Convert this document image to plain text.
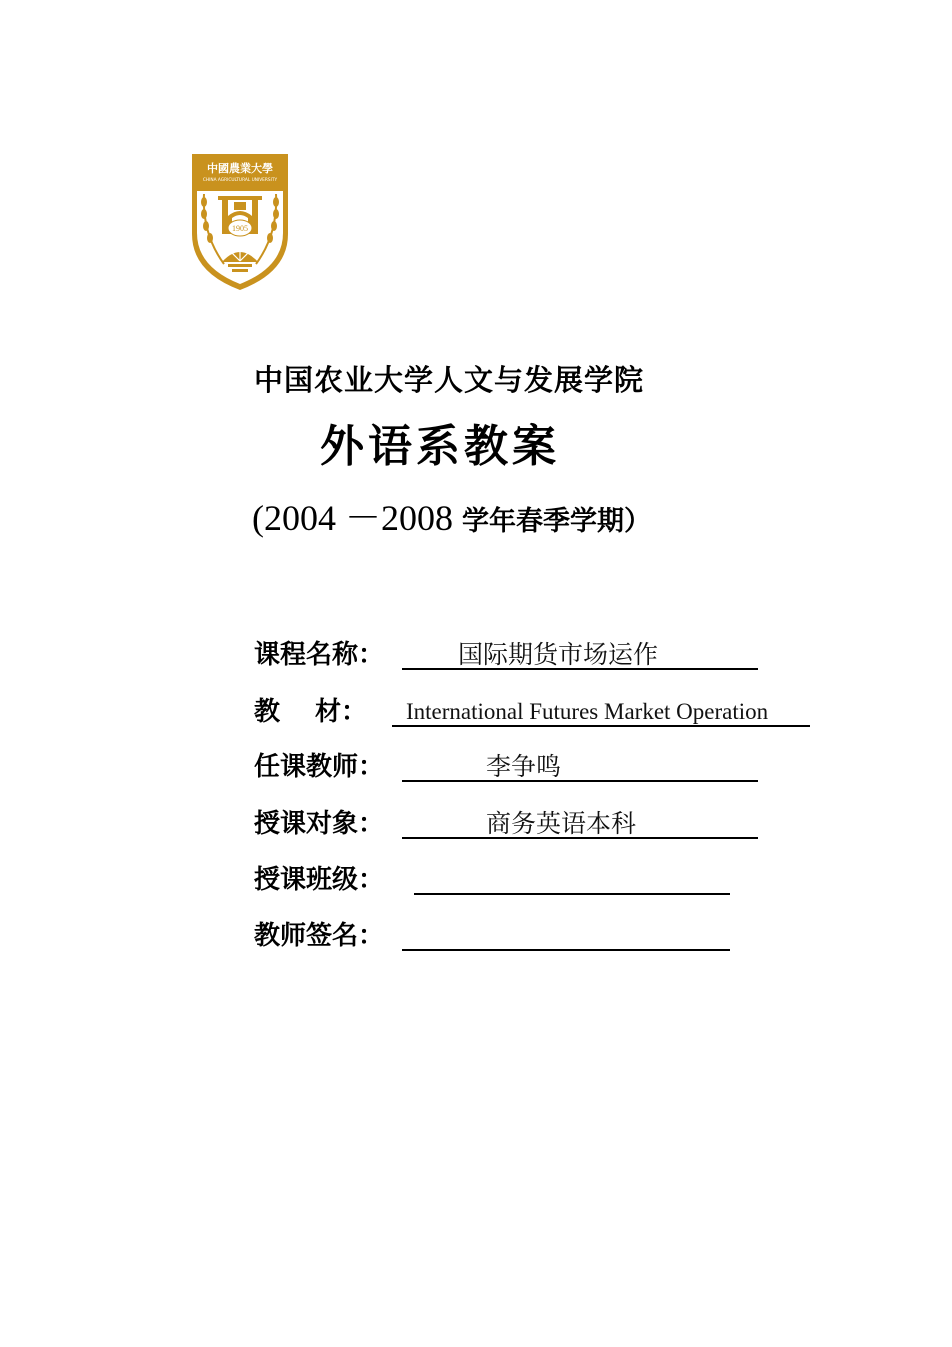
中國農業大學
CHINA AGRICULTURAL UNIVERSITY
1905
中国农业大学人文与发展学院
外语系教案
(2004 －2008 学年春季学期）
课程名称：	国际期货市场运作
教　 材： International Futures Market Operation
任课教师：	李争鸣
授课对象：	商务英语本科
授课班级：
教师签名：
